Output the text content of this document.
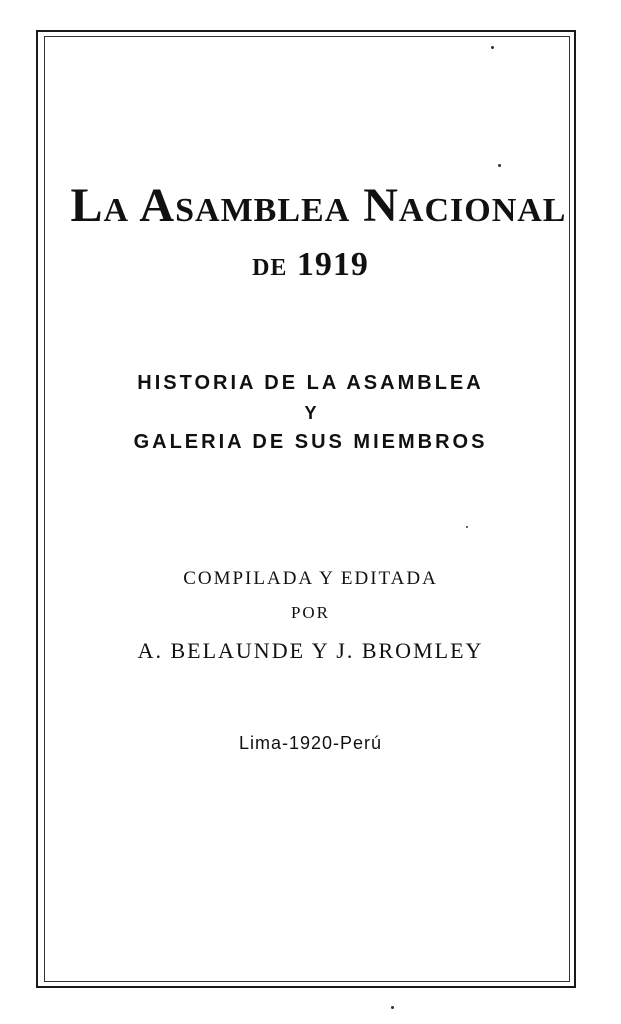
La Asamblea Nacional
de 1919
HISTORIA DE LA ASAMBLEA
Y
GALERIA DE SUS MIEMBROS
COMPILADA Y EDITADA
POR
A. BELAUNDE Y J. BROMLEY
Lima-1920-Perú
